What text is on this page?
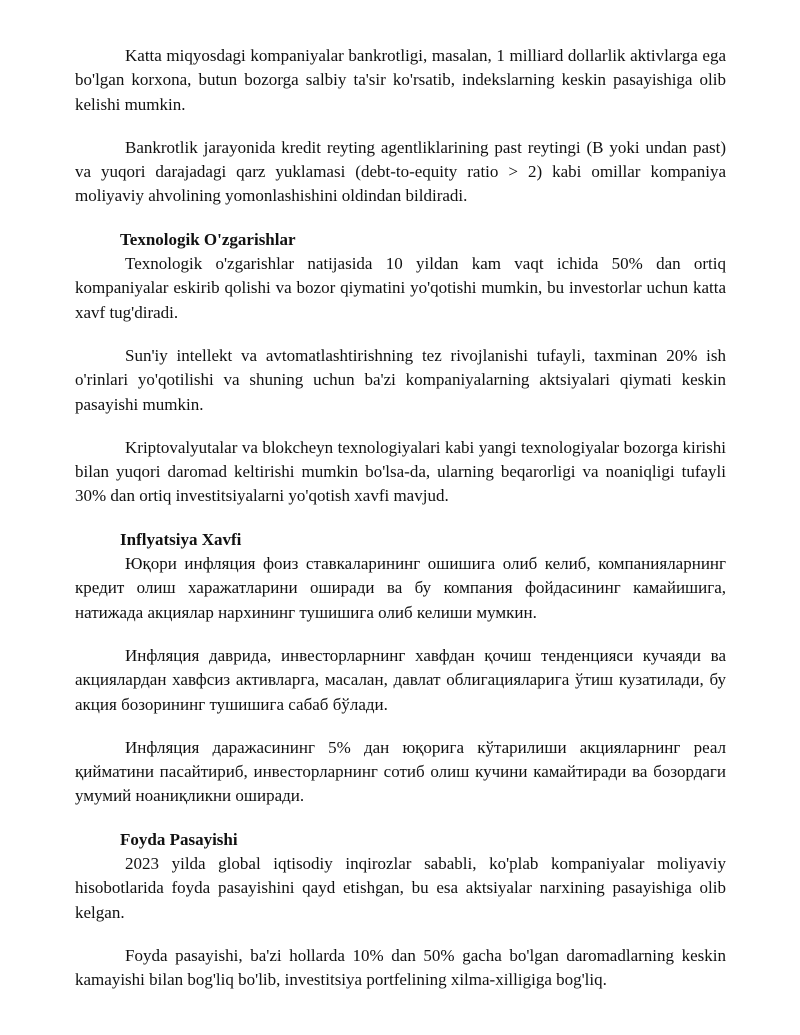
Katta miqyosdagi kompaniyalar bankrotligi, masalan, 1 milliard dollarlik aktivlarga ega bo'lgan korxona, butun bozorga salbiy ta'sir ko'rsatib, indekslarning keskin pasayishiga olib kelishi mumkin.

Bankrotlik jarayonida kredit reyting agentliklarining past reytingi (B yoki undan past) va yuqori darajadagi qarz yuklamasi (debt-to-equity ratio > 2) kabi omillar kompaniya moliyaviy ahvolining yomonlashishini oldindan bildiradi.

Texnologik O'zgarishlar

Texnologik o'zgarishlar natijasida 10 yildan kam vaqt ichida 50% dan ortiq kompaniyalar eskirib qolishi va bozor qiymatini yo'qotishi mumkin, bu investorlar uchun katta xavf tug'diradi.

Sun'iy intellekt va avtomatlashtirishning tez rivojlanishi tufayli, taxminan 20% ish o'rinlari yo'qotilishi va shuning uchun ba'zi kompaniyalarning aktsiyalari qiymati keskin pasayishi mumkin.

Kriptovalyutalar va blokcheyn texnologiyalari kabi yangi texnologiyalar bozorga kirishi bilan yuqori daromad keltirishi mumkin bo'lsa-da, ularning beqarorligi va noaniqligi tufayli 30% dan ortiq investitsiyalarni yo'qotish xavfi mavjud.

Inflyatsiya Xavfi

Юқори инфляция фоиз ставкаларининг ошишига олиб келиб, компанияларнинг кредит олиш харажатларини оширади ва бу компания фойдасининг камайишига, натижада акциялар нархининг тушишига олиб келиши мумкин.

Инфляция даврида, инвесторларнинг хавфдан қочиш тенденцияси кучаяди ва акциялардан хавфсиз активларга, масалан, давлат облигацияларига ўтиш кузатилади, бу акция бозорининг тушишига сабаб бўлади.

Инфляция даражасининг 5% дан юқорига кўтарилиши акцияларнинг реал қийматини пасайтириб, инвесторларнинг сотиб олиш кучини камайтиради ва бозордаги умумий ноаниқликни оширади.

Foyda Pasayishi

2023 yilda global iqtisodiy inqirozlar sababli, ko'plab kompaniyalar moliyaviy hisobotlarida foyda pasayishini qayd etishgan, bu esa aktsiyalar narxining pasayishiga olib kelgan.

Foyda pasayishi, ba'zi hollarda 10% dan 50% gacha bo'lgan daromadlarning keskin kamayishi bilan bog'liq bo'lib, investitsiya portfelining xilma-xilligiga bog'liq.
